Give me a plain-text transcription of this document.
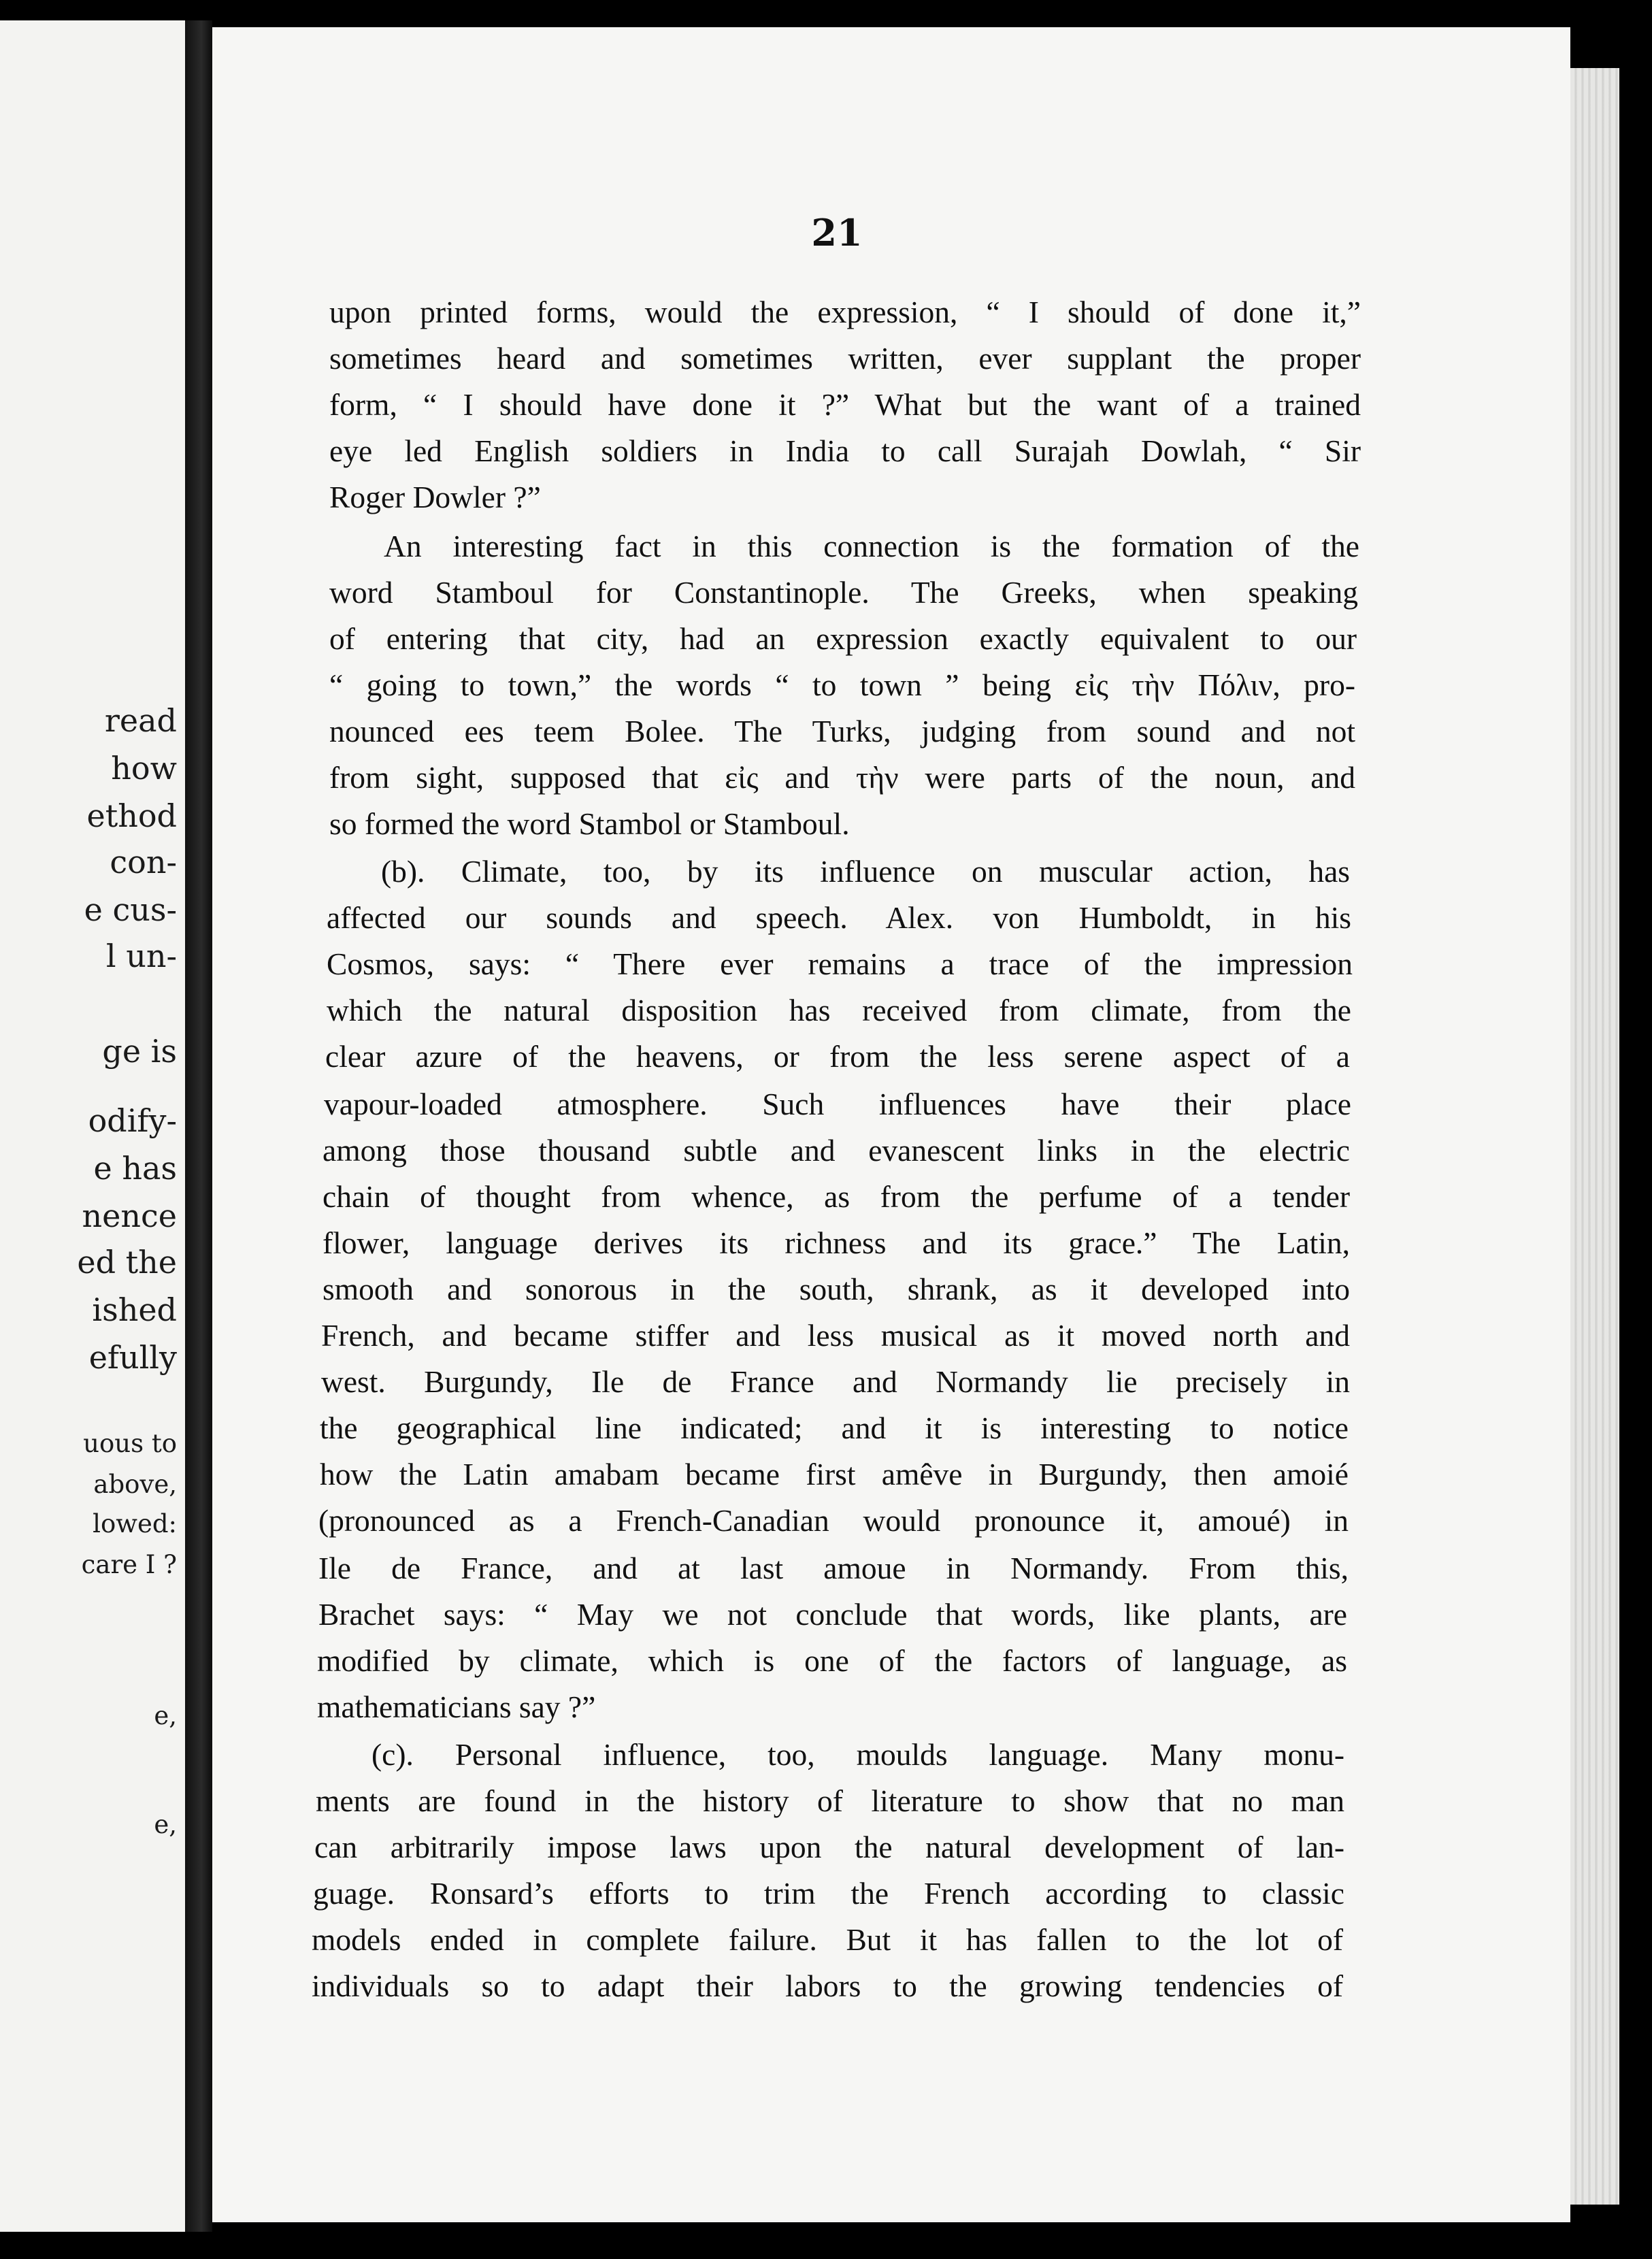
read
how
ethod
con-
e cus-
l un-
ge is
odify-
e has
nence
ed the
ished
efully
uous to
above,
lowed:
care I ?
e,
e,
21
upon printed forms, would the expression, “ I should of done it,”
sometimes heard and sometimes written, ever supplant the proper
form, “ I should have done it ?” What but the want of a trained
eye led English soldiers in India to call Surajah Dowlah, “ Sir
Roger Dowler ?”
An interesting fact in this connection is the formation of the
word Stamboul for Constantinople. The Greeks, when speaking
of entering that city, had an expression exactly equivalent to our
“ going to town,” the words “ to town ” being εἰς τὴν Πόλιν, pro-
nounced ees teem Bolee. The Turks, judging from sound and not
from sight, supposed that εἰς and τὴν were parts of the noun, and
so formed the word Stambol or Stamboul.
(b). Climate, too, by its influence on muscular action, has
affected our sounds and speech. Alex. von Humboldt, in his
Cosmos, says: “ There ever remains a trace of the impression
which the natural disposition has received from climate, from the
clear azure of the heavens, or from the less serene aspect of a
vapour-loaded atmosphere. Such influences have their place
among those thousand subtle and evanescent links in the electric
chain of thought from whence, as from the perfume of a tender
flower, language derives its richness and its grace.” The Latin,
smooth and sonorous in the south, shrank, as it developed into
French, and became stiffer and less musical as it moved north and
west. Burgundy, Ile de France and Normandy lie precisely in
the geographical line indicated; and it is interesting to notice
how the Latin amabam became first amêve in Burgundy, then amoié
(pronounced as a French-Canadian would pronounce it, amoué) in
Ile de France, and at last amoue in Normandy. From this,
Brachet says: “ May we not conclude that words, like plants, are
modified by climate, which is one of the factors of language, as
mathematicians say ?”
(c). Personal influence, too, moulds language. Many monu-
ments are found in the history of literature to show that no man
can arbitrarily impose laws upon the natural development of lan-
guage. Ronsard’s efforts to trim the French according to classic
models ended in complete failure. But it has fallen to the lot of
individuals so to adapt their labors to the growing tendencies of
